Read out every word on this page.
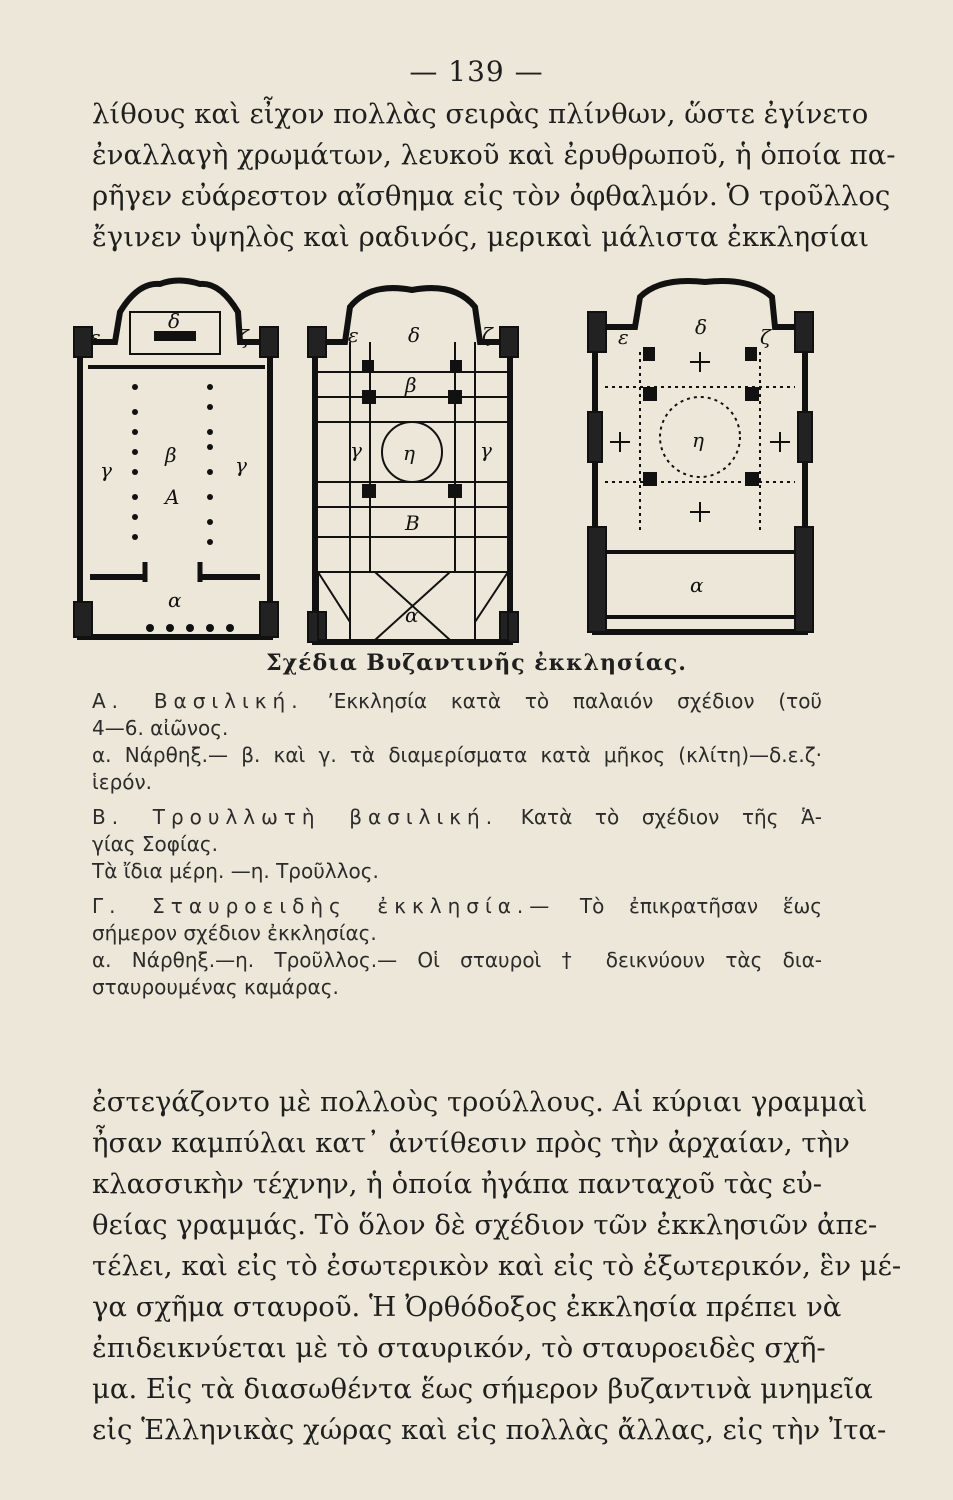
— 139 —
λίθους καὶ εἶχον πολλὰς σειρὰς πλίνθων, ὥστε ἐγίνετο
ἐναλλαγὴ χρωμάτων, λευκοῦ καὶ ἐρυθρωποῦ, ἡ ὁποία πα-
ρῆγεν εὐάρεστον αἴσθημα εἰς τὸν ὀφθαλμόν. Ὁ τροῦλλος
ἔγινεν ὑψηλὸς καὶ ραδινός, μερικαὶ μάλιστα ἐκκλησίαι
ε
δ
ζ
γ
β	γ
Α
α
ε δ	ζ
β
γ η	γ
Β
α
ε	δ	ζ
η
α
Σχέδια Βυζαντινῆς ἐκκλησίας.
Α. Βασιλική. ’Εκκλησία κατὰ τὸ παλαιόν σχέδιον (τοῦ
4—6. αἰῶνος.
α. Νάρθηξ.— β. καὶ γ. τὰ διαμερίσματα κατὰ μῆκος (κλίτη)—δ.ε.ζ·
ἱερόν.
Β. Τρουλλωτὴ βασιλική. Κατὰ τὸ σχέδιον τῆς Ἁ-
γίας Σοφίας.
Τὰ ἴδια μέρη. —η. Τροῦλλος.
Γ. Σταυροειδὴς ἐκκλησία.— Τὸ ἐπικρατῆσαν ἕως
σήμερον σχέδιον ἐκκλησίας.
α. Νάρθηξ.—η. Τροῦλλος.— Οἱ σταυροὶ † δεικνύουν τὰς δια-
σταυρουμένας καμάρας.
ἐστεγάζοντο μὲ πολλοὺς τρούλλους. Αἱ κύριαι γραμμαὶ
ἦσαν καμπύλαι κατ᾽ ἀντίθεσιν πρὸς τὴν ἀρχαίαν, τὴν
κλασσικὴν τέχνην, ἡ ὁποία ἠγάπα πανταχοῦ τὰς εὐ-
θείας γραμμάς. Τὸ ὅλον δὲ σχέδιον τῶν ἐκκλησιῶν ἀπε-
τέλει, καὶ εἰς τὸ ἐσωτερικὸν καὶ εἰς τὸ ἐξωτερικόν, ἓν μέ-
γα σχῆμα σταυροῦ. Ἡ Ὀρθόδοξος ἐκκλησία πρέπει νὰ
ἐπιδεικνύεται μὲ τὸ σταυρικόν, τὸ σταυροειδὲς σχῆ-
μα. Εἰς τὰ διασωθέντα ἕως σήμερον βυζαντινὰ μνημεῖα
εἰς Ἑλληνικὰς χώρας καὶ εἰς πολλὰς ἄλλας, εἰς τὴν Ἰτα-
